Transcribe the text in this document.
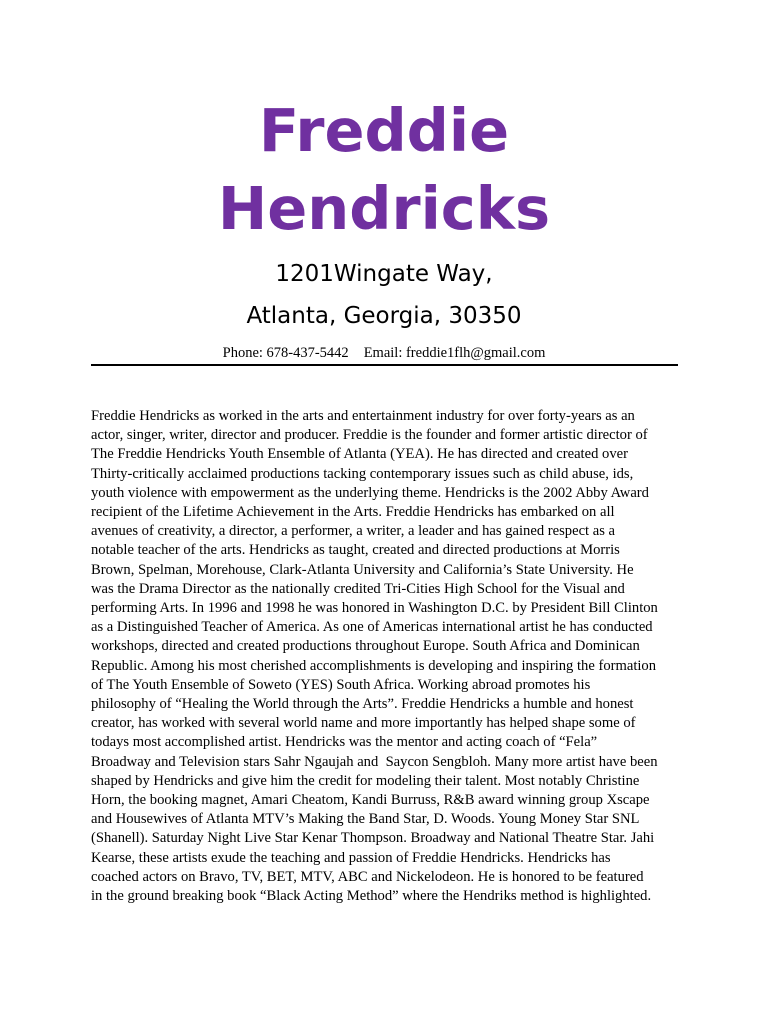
Freddie
Hendricks

1201Wingate Way,

Atlanta, Georgia, 30350

Phone: 678-437-5442 Email: freddie1flh@gmail.com
Freddie Hendricks as worked in the arts and entertainment industry for over forty-years as an
actor, singer, writer, director and producer. Freddie is the founder and former artistic director of
The Freddie Hendricks Youth Ensemble of Atlanta (YEA). He has directed and created over
Thirty-critically acclaimed productions tacking contemporary issues such as child abuse, ids,
youth violence with empowerment as the underlying theme. Hendricks is the 2002 Abby Award
recipient of the Lifetime Achievement in the Arts. Freddie Hendricks has embarked on all
avenues of creativity, a director, a performer, a writer, a leader and has gained respect as a
notable teacher of the arts. Hendricks as taught, created and directed productions at Morris
Brown, Spelman, Morehouse, Clark-Atlanta University and California’s State University. He
was the Drama Director as the nationally credited Tri-Cities High School for the Visual and
performing Arts. In 1996 and 1998 he was honored in Washington D.C. by President Bill Clinton
as a Distinguished Teacher of America. As one of Americas international artist he has conducted
workshops, directed and created productions throughout Europe. South Africa and Dominican
Republic. Among his most cherished accomplishments is developing and inspiring the formation
of The Youth Ensemble of Soweto (YES) South Africa. Working abroad promotes his
philosophy of “Healing the World through the Arts”. Freddie Hendricks a humble and honest
creator, has worked with several world name and more importantly has helped shape some of
todays most accomplished artist. Hendricks was the mentor and acting coach of “Fela”
Broadway and Television stars Sahr Ngaujah and  Saycon Sengbloh. Many more artist have been
shaped by Hendricks and give him the credit for modeling their talent. Most notably Christine
Horn, the booking magnet, Amari Cheatom, Kandi Burruss, R&B award winning group Xscape
and Housewives of Atlanta MTV’s Making the Band Star, D. Woods. Young Money Star SNL
(Shanell). Saturday Night Live Star Kenar Thompson. Broadway and National Theatre Star. Jahi
Kearse, these artists exude the teaching and passion of Freddie Hendricks. Hendricks has
coached actors on Bravo, TV, BET, MTV, ABC and Nickelodeon. He is honored to be featured
in the ground breaking book “Black Acting Method” where the Hendriks method is highlighted.
